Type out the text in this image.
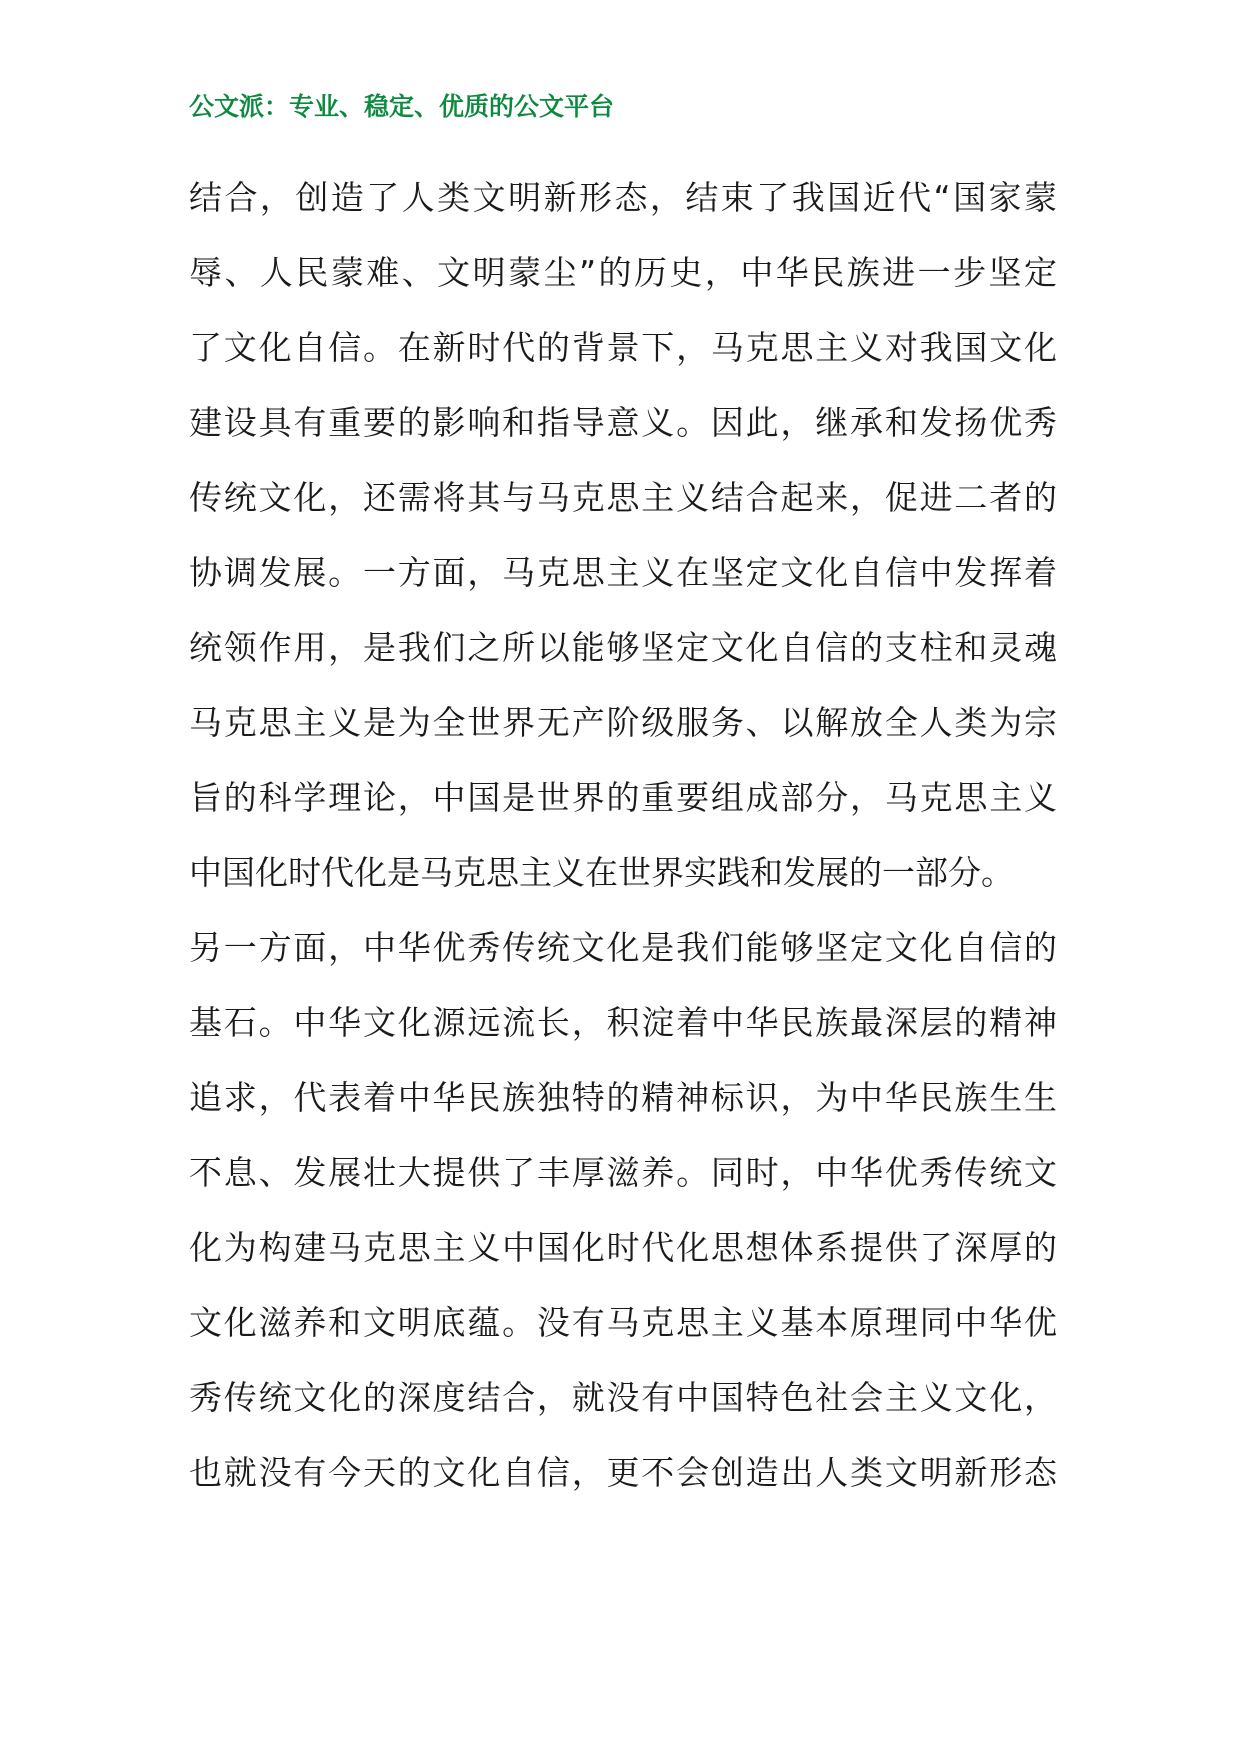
公文派：专业、稳定、优质的公文平台
结合，创造了人类文明新形态，结束了我国近代“国家蒙
辱、人民蒙难、文明蒙尘”的历史，中华民族进一步坚定
了文化自信。在新时代的背景下，马克思主义对我国文化
建设具有重要的影响和指导意义。因此，继承和发扬优秀
传统文化，还需将其与马克思主义结合起来，促进二者的
协调发展。一方面，马克思主义在坚定文化自信中发挥着
统领作用，是我们之所以能够坚定文化自信的支柱和灵魂
马克思主义是为全世界无产阶级服务、以解放全人类为宗
旨的科学理论，中国是世界的重要组成部分，马克思主义
中国化时代化是马克思主义在世界实践和发展的一部分。
另一方面，中华优秀传统文化是我们能够坚定文化自信的
基石。中华文化源远流长，积淀着中华民族最深层的精神
追求，代表着中华民族独特的精神标识，为中华民族生生
不息、发展壮大提供了丰厚滋养。同时，中华优秀传统文
化为构建马克思主义中国化时代化思想体系提供了深厚的
文化滋养和文明底蕴。没有马克思主义基本原理同中华优
秀传统文化的深度结合，就没有中国特色社会主义文化，
也就没有今天的文化自信，更不会创造出人类文明新形态
